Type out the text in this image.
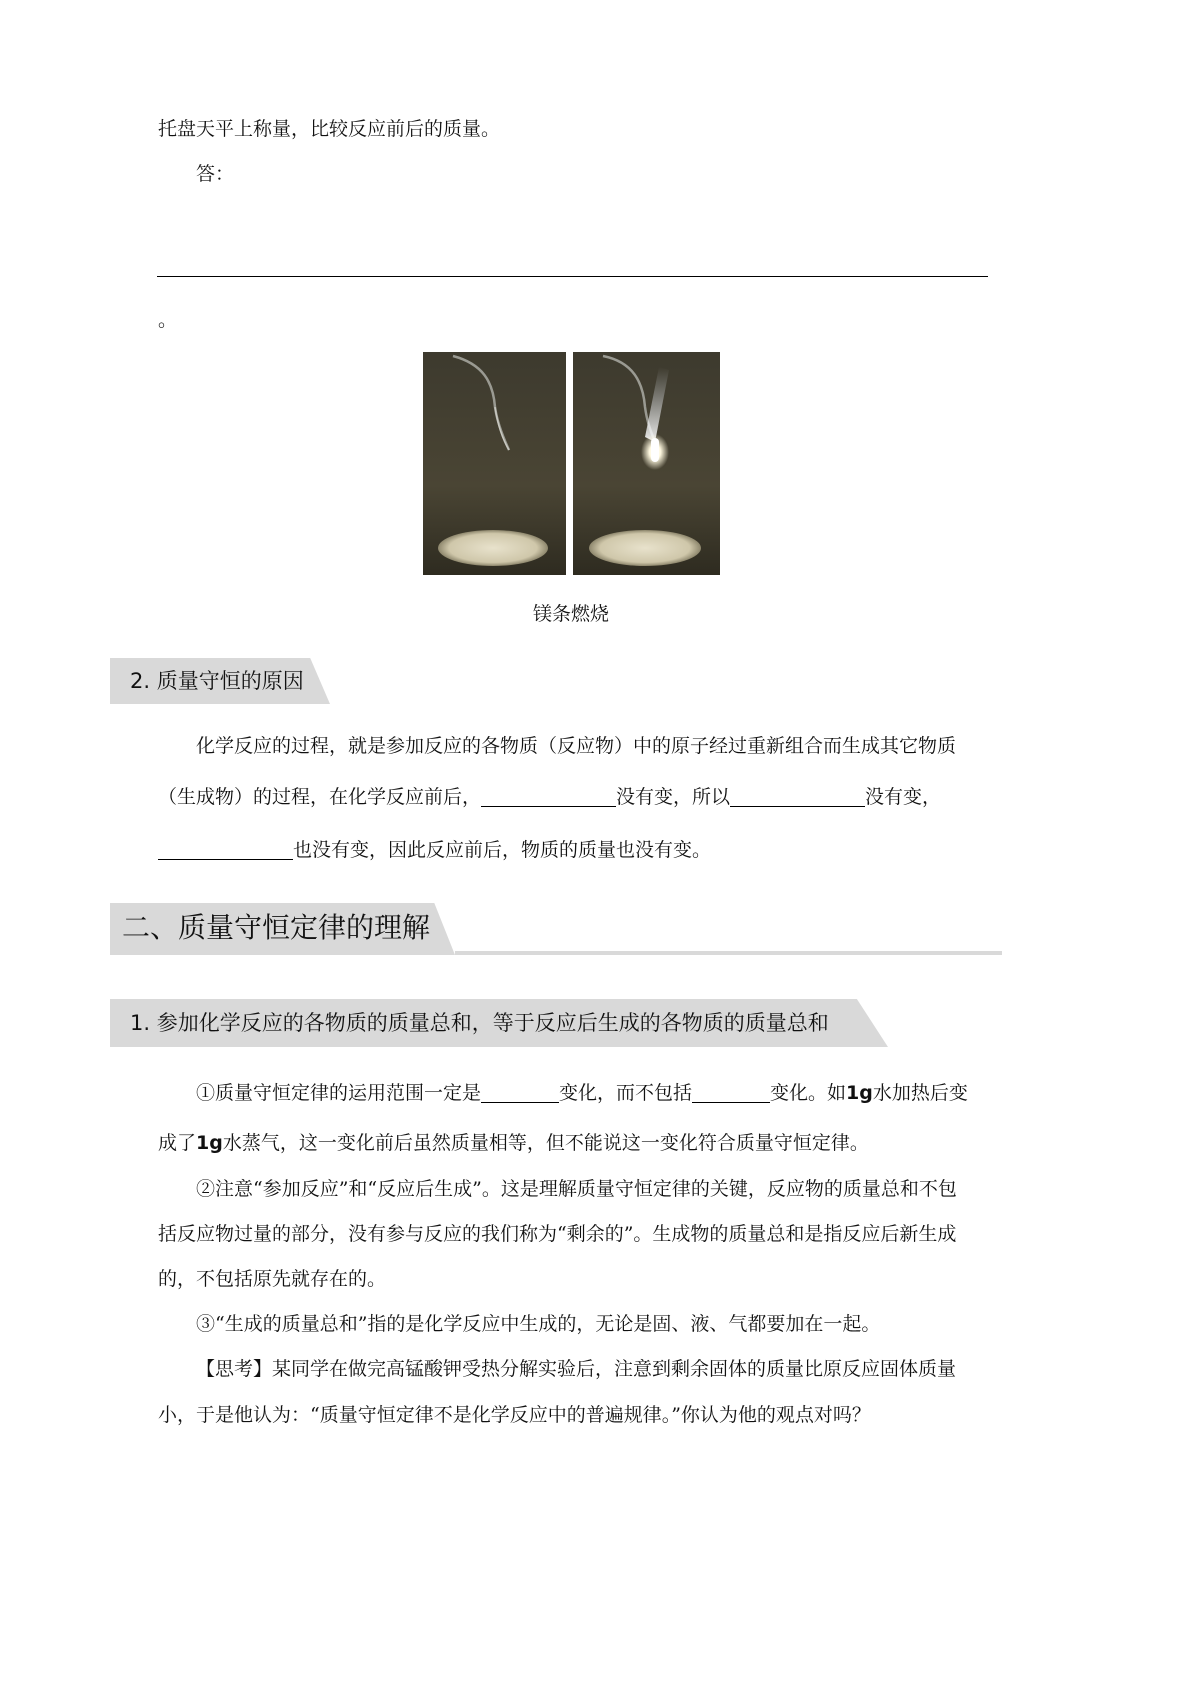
托盘天平上称量，比较反应前后的质量。
答：
。
镁条燃烧
2. 质量守恒的原因
化学反应的过程，就是参加反应的各物质（反应物）中的原子经过重新组合而生成其它物质
（生成物）的过程，在化学反应前后，	没有变，所以	没有变，
也没有变，因此反应前后，物质的质量也没有变。
二、质量守恒定律的理解
1. 参加化学反应的各物质的质量总和，等于反应后生成的各物质的质量总和
①质量守恒定律的运用范围一定是	变化，而不包括	变化。如1g水加热后变
成了1g水蒸气，这一变化前后虽然质量相等，但不能说这一变化符合质量守恒定律。
②注意“参加反应”和“反应后生成”。这是理解质量守恒定律的关键，反应物的质量总和不包
括反应物过量的部分，没有参与反应的我们称为“剩余的”。生成物的质量总和是指反应后新生成
的，不包括原先就存在的。
③“生成的质量总和”指的是化学反应中生成的，无论是固、液、气都要加在一起。
【思考】某同学在做完高锰酸钾受热分解实验后，注意到剩余固体的质量比原反应固体质量
小，于是他认为：“质量守恒定律不是化学反应中的普遍规律。”你认为他的观点对吗？
